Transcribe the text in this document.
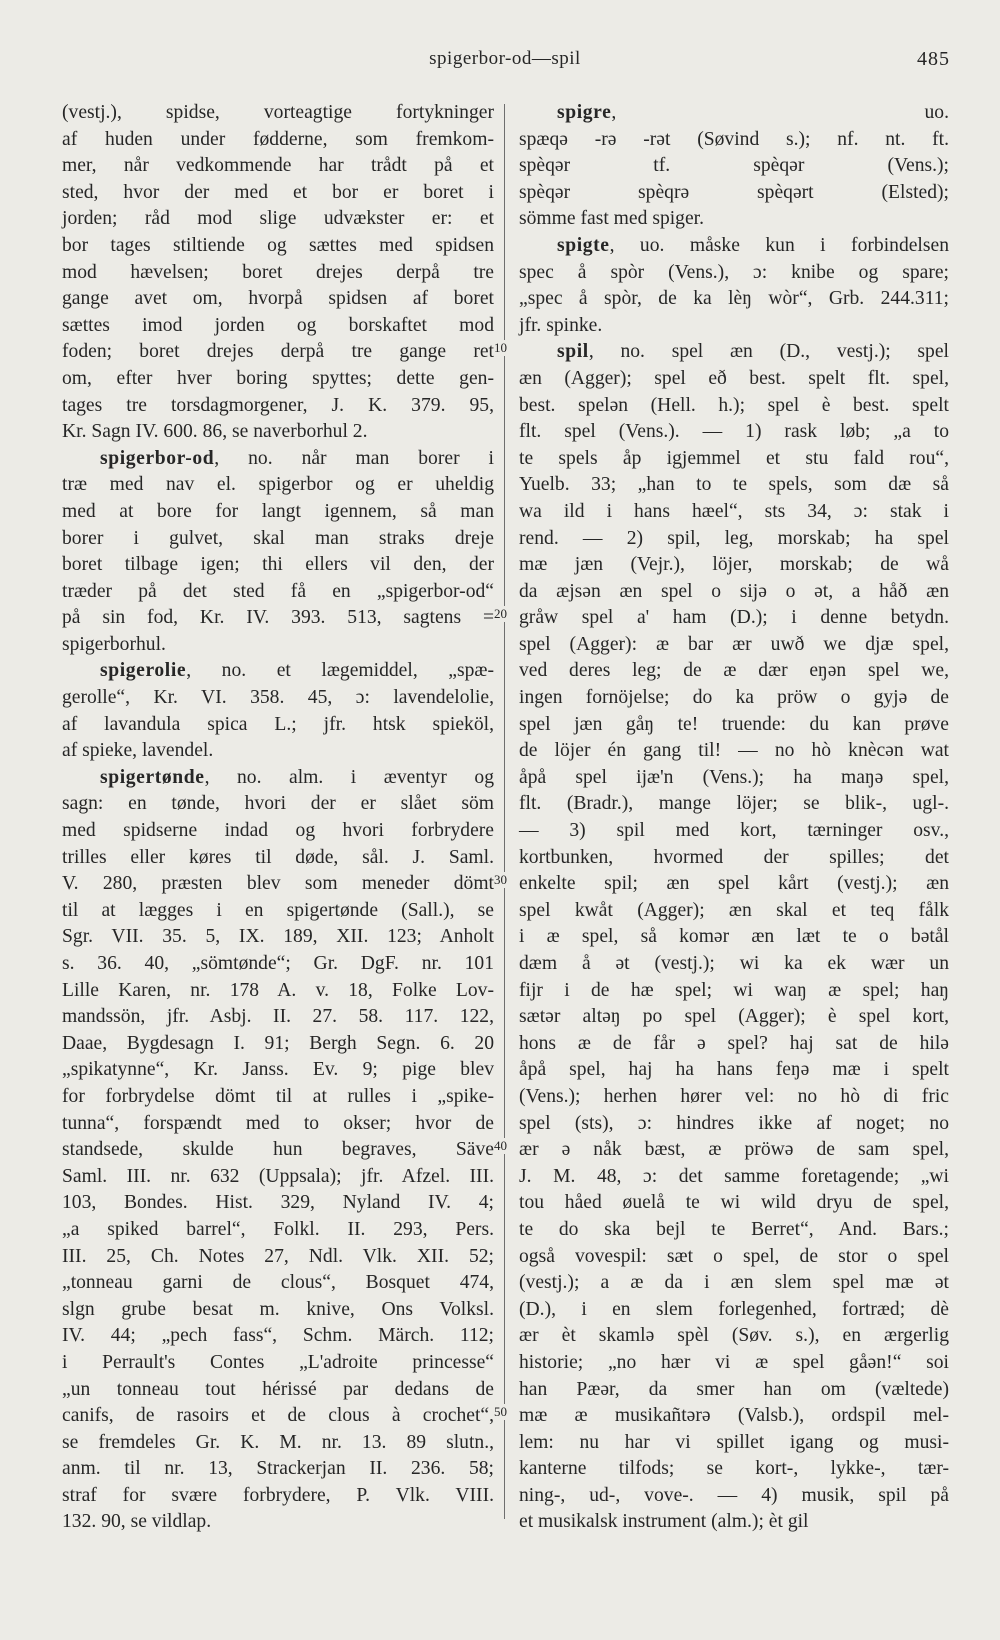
spigerbor-od—spil	485
10
20
30
40
50
(vestj.), spidse, vorteagtige fortykninger
af huden under fødderne, som fremkom-
mer, når vedkommende har trådt på et
sted, hvor der med et bor er boret i
jorden; råd mod slige udvækster er: et
bor tages stiltiende og sættes med spidsen
mod hævelsen; boret drejes derpå tre
gange avet om, hvorpå spidsen af boret
sættes imod jorden og borskaftet mod
foden; boret drejes derpå tre gange ret
om, efter hver boring spyttes; dette gen-
tages tre torsdagmorgener, J. K. 379. 95,
Kr. Sagn IV. 600. 86, se naverborhul 2.
spigerbor-od, no. når man borer i
træ med nav el. spigerbor og er uheldig
med at bore for langt igennem, så man
borer i gulvet, skal man straks dreje
boret tilbage igen; thi ellers vil den, der
træder på det sted få en „spigerbor-od“
på sin fod, Kr. IV. 393. 513, sagtens =
spigerborhul.
spigerolie, no. et lægemiddel, „spæ-
gerolle“, Kr. VI. 358. 45, ɔ: lavendelolie,
af lavandula spica L.; jfr. htsk spieköl,
af spieke, lavendel.
spigertønde, no. alm. i æventyr og
sagn: en tønde, hvori der er slået söm
med spidserne indad og hvori forbrydere
trilles eller køres til døde, sål. J. Saml.
V. 280, præsten blev som meneder dömt
til at lægges i en spigertønde (Sall.), se
Sgr. VII. 35. 5, IX. 189, XII. 123; Anholt
s. 36. 40, „sömtønde“; Gr. DgF. nr. 101
Lille Karen, nr. 178 A. v. 18, Folke Lov-
mandssön, jfr. Asbj. II. 27. 58. 117. 122,
Daae, Bygdesagn I. 91; Bergh Segn. 6. 20
„spikatynne“, Kr. Janss. Ev. 9; pige blev
for forbrydelse dömt til at rulles i „spike-
tunna“, forspændt med to okser; hvor de
standsede, skulde hun begraves, Säve
Saml. III. nr. 632 (Uppsala); jfr. Afzel. III.
103, Bondes. Hist. 329, Nyland IV. 4;
„a spiked barrel“, Folkl. II. 293, Pers.
III. 25, Ch. Notes 27, Ndl. Vlk. XII. 52;
„tonneau garni de clous“, Bosquet 474,
slgn grube besat m. knive, Ons Volksl.
IV. 44; „pech fass“, Schm. Märch. 112;
i Perrault's Contes „L'adroite princesse“
„un tonneau tout hérissé par dedans de
canifs, de rasoirs et de clous à crochet“,
se fremdeles Gr. K. M. nr. 13. 89 slutn.,
anm. til nr. 13, Strackerjan II. 236. 58;
straf for svære forbrydere, P. Vlk. VIII.
132. 90, se vildlap.
spigre, uo.
spæqə -rə -rət (Søvind s.); nf. nt. ft.
spèqər tf. spèqər (Vens.);
spèqər spèqrə spèqərt (Elsted);
sömme fast med spiger.
spigte, uo. måske kun i forbindelsen
spec å spòr (Vens.), ɔ: knibe og spare;
„spec å spòr, de ka lèŋ wòr“, Grb. 244.311;
jfr. spinke.
spil, no. spel æn (D., vestj.); spel
æn (Agger); spel eð best. spelt flt. spel,
best. spelən (Hell. h.); spel è best. spelt
flt. spel (Vens.). — 1) rask løb; „a to
te spels åp igjemmel et stu fald rou“,
Yuelb. 33; „han to te spels, som dæ så
wa ild i hans hæel“, sts 34, ɔ: stak i
rend. — 2) spil, leg, morskab; ha spel
mæ jæn (Vejr.), löjer, morskab; de wå
da æjsən æn spel o sijə o ət, a håð æn
gråw spel a' ham (D.); i denne betydn.
spel (Agger): æ bar ær uwð we djæ spel,
ved deres leg; de æ dær eŋən spel we,
ingen fornöjelse; do ka pröw o gyjə de
spel jæn gåŋ te! truende: du kan prøve
de löjer én gang til! — no hò knècən wat
åpå spel ijæ'n (Vens.); ha maŋə spel,
flt. (Bradr.), mange löjer; se blik-, ugl-.
— 3) spil med kort, tærninger osv.,
kortbunken, hvormed der spilles; det
enkelte spil; æn spel kårt (vestj.); æn
spel kwåt (Agger); æn skal et teq fålk
i æ spel, så komər æn læt te o bətål
dæm å ət (vestj.); wi ka ek wær un
fijr i de hæ spel; wi waŋ æ spel; haŋ
sætər altəŋ po spel (Agger); è spel kort,
hons æ de får ə spel? haj sat de hilə
åpå spel, haj ha hans feŋə mæ i spelt
(Vens.); herhen hører vel: no hò di fric
spel (sts), ɔ: hindres ikke af noget; no
ær ə nåk bæst, æ pröwə de sam spel,
J. M. 48, ɔ: det samme foretagende; „wi
tou håed øuelå te wi wild dryu de spel,
te do ska bejl te Berret“, And. Bars.;
også vovespil: sæt o spel, de stor o spel
(vestj.); a æ da i æn slem spel mæ ət
(D.), i en slem forlegenhed, fortræd; dè
ær èt skamlə spèl (Søv. s.), en ærgerlig
historie; „no hær vi æ spel gåən!“ soi
han Pæər, da smer han om (væltede)
mæ æ musikañtərə (Valsb.), ordspil mel-
lem: nu har vi spillet igang og musi-
kanterne tilfods; se kort-, lykke-, tær-
ning-, ud-, vove-. — 4) musik, spil på
et musikalsk instrument (alm.); èt gil
